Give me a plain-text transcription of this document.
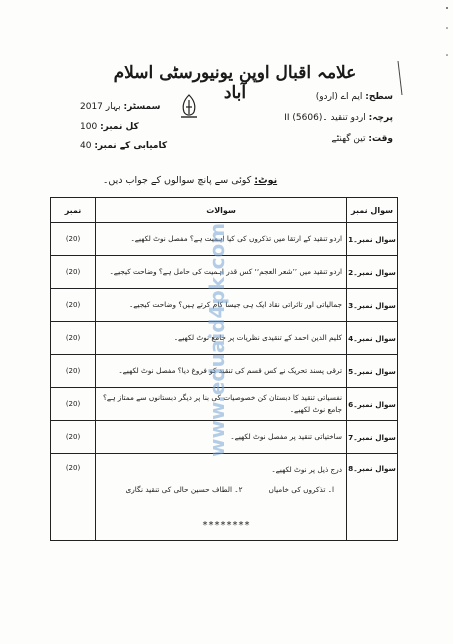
علامہ اقبال اوپن یونیورسٹی اسلام آباد	سطح: ایم اے (اردو)
پرچہ: اردو تنقید ۔II (5606)
وقت: تین گھنٹے
سمسٹر: بہار 2017
کل نمبر: 100
کامیابی کے نمبر: 40
نوٹ: کوئی سے پانچ سوالوں کے جواب دیں۔
سوال نمبر	سوالات	نمبر
سوال نمبر۔1	اردو تنقید کے ارتقا میں تذکروں کی کیا اہمیت ہے؟ مفصل نوٹ لکھیے۔	(20)
سوال نمبر۔2	اردو تنقید میں ’’شعر العجم‘‘ کس قدر اہمیت کی حامل ہے؟ وضاحت کیجیے۔	(20)
سوال نمبر۔3	جمالیاتی اور تاثراتی نقاد ایک ہی جیسا کام کرتے ہیں؟ وضاحت کیجیے۔	(20)
سوال نمبر۔4	کلیم الدین احمد کے تنقیدی نظریات پر جامع نوٹ لکھیے۔	(20)
سوال نمبر۔5	ترقی پسند تحریک نے کس قسم کی تنقید کو فروغ دیا؟ مفصل نوٹ لکھیے۔	(20)
سوال نمبر۔6	نفسیاتی تنقید کا دبستان کن خصوصیات کی بنا پر دیگر دبستانوں سے ممتاز ہے؟ جامع نوٹ لکھیے۔	(20)
سوال نمبر۔7	ساختیاتی تنقید پر مفصل نوٹ لکھیے۔	(20)
سوال نمبر۔8	درج ذیل پر نوٹ لکھیے۔
ا۔ تذکروں کی خامیاں
۲۔ الطاف حسین حالی کی تنقید نگاری	(20)
www.eduaid4pk.com
********
